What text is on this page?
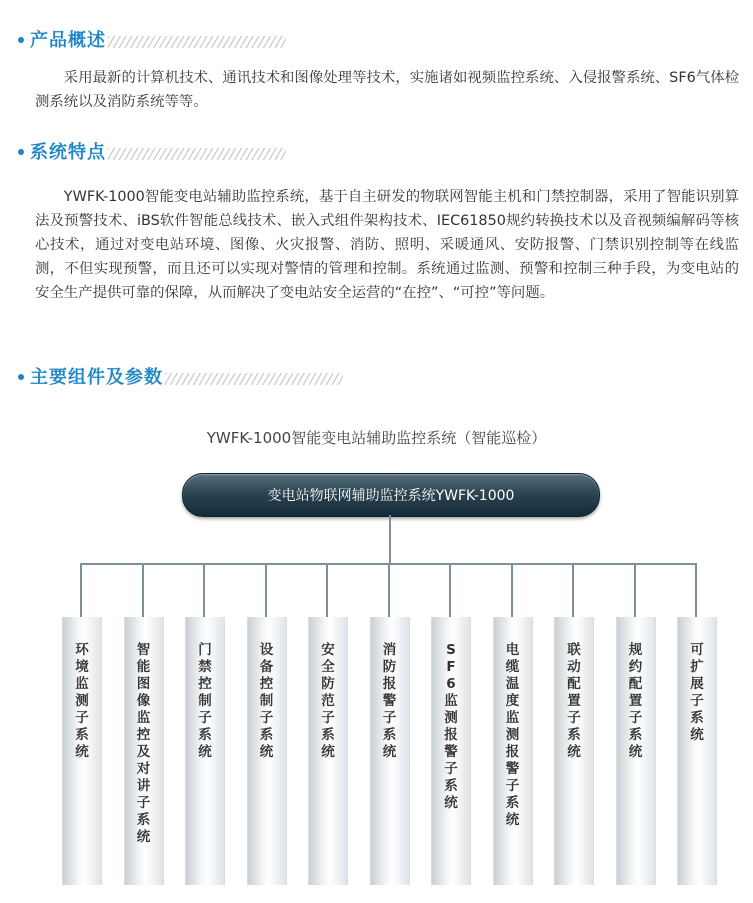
产品概述

采用最新的计算机技术、通讯技术和图像处理等技术，实施诸如视频监控系统、入侵报警系统、SF6气体检测系统以及消防系统等等。

系统特点

YWFK-1000智能变电站辅助监控系统，基于自主研发的物联网智能主机和门禁控制器，采用了智能识别算法及预警技术、iBS软件智能总线技术、嵌入式组件架构技术、IEC61850规约转换技术以及音视频编解码等核心技术，通过对变电站环境、图像、火灾报警、消防、照明、采暖通风、安防报警、门禁识别控制等在线监测，不但实现预警，而且还可以实现对警情的管理和控制。系统通过监测、预警和控制三种手段，为变电站的安全生产提供可靠的保障，从而解决了变电站安全运营的“在控”、“可控”等问题。

主要组件及参数
YWFK-1000智能变电站辅助监控系统（智能巡检）
变电站物联网辅助监控系统YWFK-1000
环境监测子系统
智能图像监控及对讲子系统
门禁控制子系统
设备控制子系统
安全防范子系统
消防报警子系统
SF6监测报警子系统
电缆温度监测报警子系统
联动配置子系统
规约配置子系统
可扩展子系统
